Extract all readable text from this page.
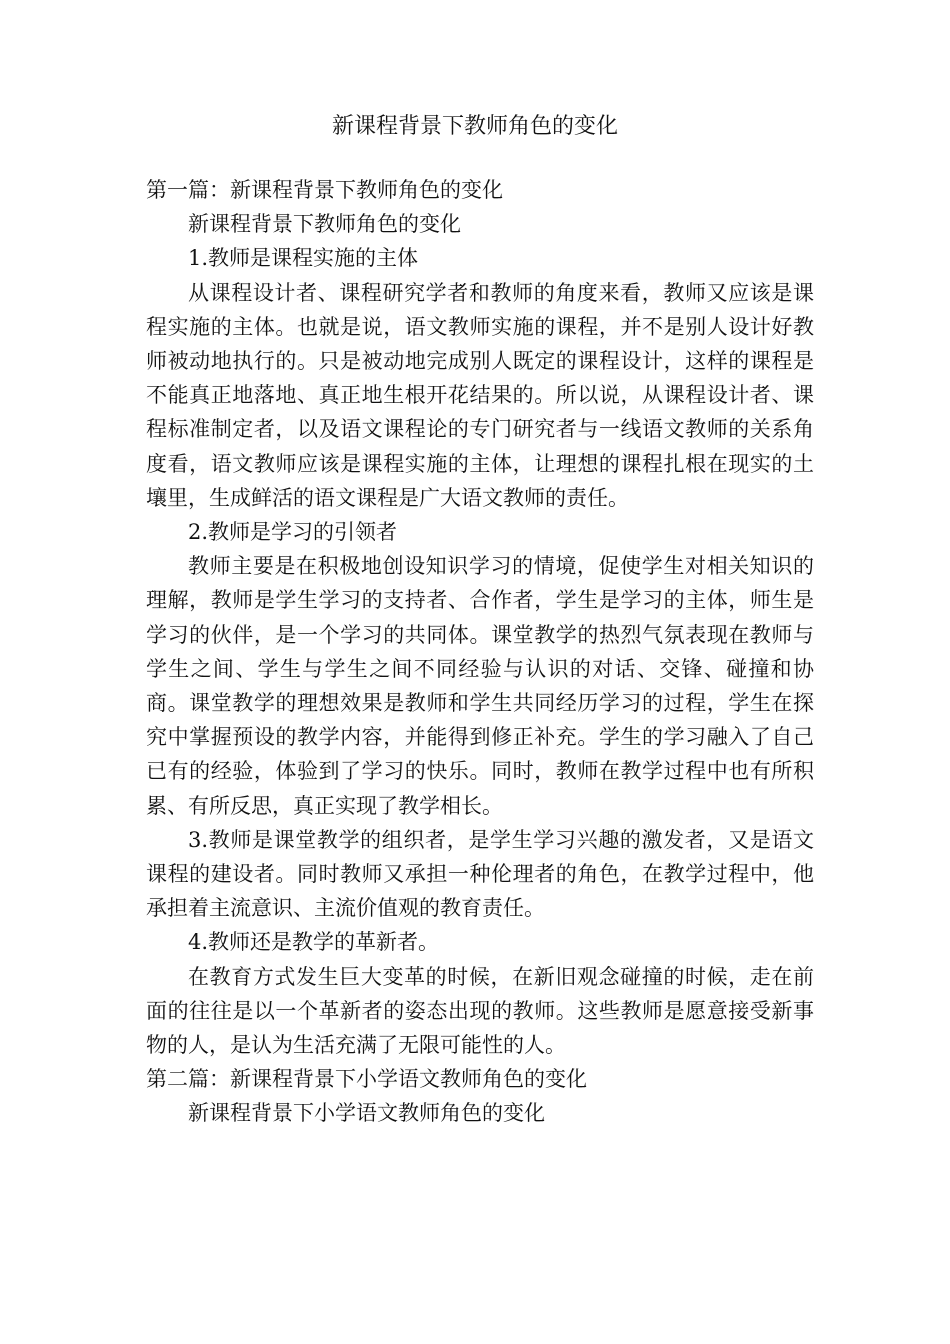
新课程背景下教师角色的变化

第一篇：新课程背景下教师角色的变化

新课程背景下教师角色的变化

1.教师是课程实施的主体

从课程设计者、课程研究学者和教师的角度来看，教师又应该是课程实施的主体。也就是说，语文教师实施的课程，并不是别人设计好教师被动地执行的。只是被动地完成别人既定的课程设计，这样的课程是不能真正地落地、真正地生根开花结果的。所以说，从课程设计者、课程标准制定者，以及语文课程论的专门研究者与一线语文教师的关系角度看，语文教师应该是课程实施的主体，让理想的课程扎根在现实的土壤里，生成鲜活的语文课程是广大语文教师的责任。

2.教师是学习的引领者

教师主要是在积极地创设知识学习的情境，促使学生对相关知识的理解，教师是学生学习的支持者、合作者，学生是学习的主体，师生是学习的伙伴，是一个学习的共同体。课堂教学的热烈气氛表现在教师与学生之间、学生与学生之间不同经验与认识的对话、交锋、碰撞和协商。课堂教学的理想效果是教师和学生共同经历学习的过程，学生在探究中掌握预设的教学内容，并能得到修正补充。学生的学习融入了自己已有的经验，体验到了学习的快乐。同时，教师在教学过程中也有所积累、有所反思，真正实现了教学相长。

3.教师是课堂教学的组织者，是学生学习兴趣的激发者，又是语文课程的建设者。同时教师又承担一种伦理者的角色，在教学过程中，他承担着主流意识、主流价值观的教育责任。

4.教师还是教学的革新者。

在教育方式发生巨大变革的时候，在新旧观念碰撞的时候，走在前面的往往是以一个革新者的姿态出现的教师。这些教师是愿意接受新事物的人，是认为生活充满了无限可能性的人。

第二篇：新课程背景下小学语文教师角色的变化

新课程背景下小学语文教师角色的变化
